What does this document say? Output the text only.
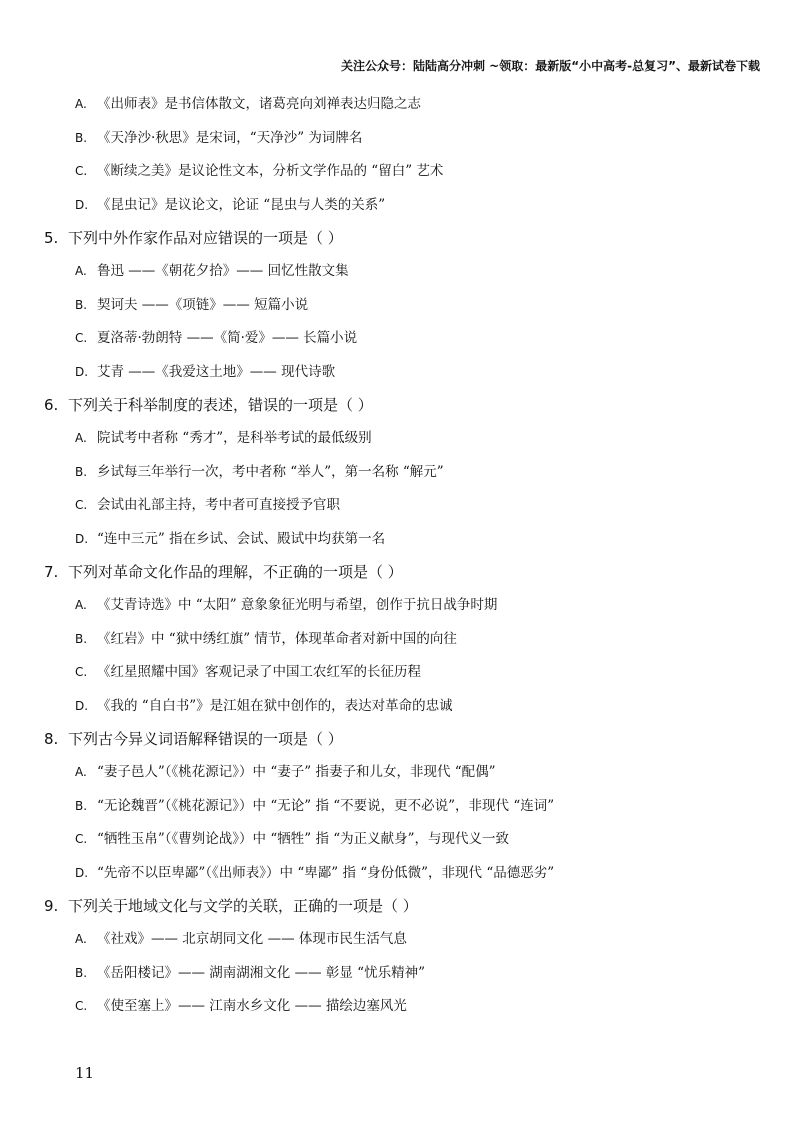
关注公众号：陆陆高分冲刺 ~领取：最新版“小中高考-总复习”、最新试卷下载
A. 《出师表》是书信体散文，诸葛亮向刘禅表达归隐之志
B. 《天净沙·秋思》是宋词，“天净沙” 为词牌名
C. 《断续之美》是议论性文本，分析文学作品的 “留白” 艺术
D. 《昆虫记》是议论文，论证 “昆虫与人类的关系”
5. 下列中外作家作品对应错误的一项是（ ）
A. 鲁迅 ——《朝花夕拾》—— 回忆性散文集
B. 契诃夫 ——《项链》—— 短篇小说
C. 夏洛蒂·勃朗特 ——《简·爱》—— 长篇小说
D. 艾青 ——《我爱这土地》—— 现代诗歌
6. 下列关于科举制度的表述，错误的一项是（ ）
A. 院试考中者称 “秀才”，是科举考试的最低级别
B. 乡试每三年举行一次，考中者称 “举人”，第一名称 “解元”
C. 会试由礼部主持，考中者可直接授予官职
D. “连中三元” 指在乡试、会试、殿试中均获第一名
7. 下列对革命文化作品的理解，不正确的一项是（ ）
A. 《艾青诗选》中 “太阳” 意象象征光明与希望，创作于抗日战争时期
B. 《红岩》中 “狱中绣红旗” 情节，体现革命者对新中国的向往
C. 《红星照耀中国》客观记录了中国工农红军的长征历程
D. 《我的 “自白书”》是江姐在狱中创作的，表达对革命的忠诚
8. 下列古今异义词语解释错误的一项是（ ）
A. “妻子邑人”（《桃花源记》）中 “妻子” 指妻子和儿女，非现代 “配偶”
B. “无论魏晋”（《桃花源记》）中 “无论” 指 “不要说，更不必说”，非现代 “连词”
C. “牺牲玉帛”（《曹刿论战》）中 “牺牲” 指 “为正义献身”，与现代义一致
D. “先帝不以臣卑鄙”（《出师表》）中 “卑鄙” 指 “身份低微”，非现代 “品德恶劣”
9. 下列关于地域文化与文学的关联，正确的一项是（ ）
A. 《社戏》—— 北京胡同文化 —— 体现市民生活气息
B. 《岳阳楼记》—— 湖南湖湘文化 —— 彰显 “忧乐精神”
C. 《使至塞上》—— 江南水乡文化 —— 描绘边塞风光
11
